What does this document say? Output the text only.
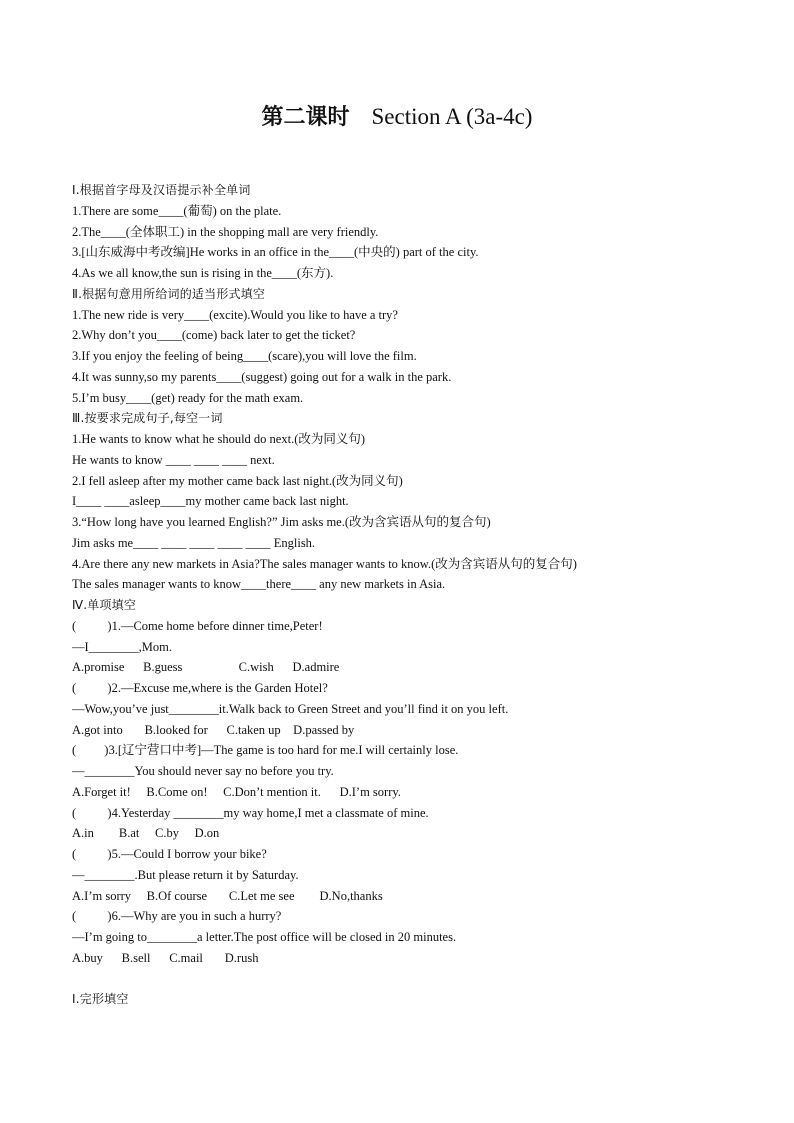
第二课时 Section A (3a-4c)
Ⅰ.根据首字母及汉语提示补全单词
1.There are some____(葡萄) on the plate.
2.The____(全体职工) in the shopping mall are very friendly.
3.[山东威海中考改编]He works in an office in the____(中央的) part of the city.
4.As we all know,the sun is rising in the____(东方).
Ⅱ.根据句意用所给词的适当形式填空
1.The new ride is very____(excite).Would you like to have a try?
2.Why don’t you____(come) back later to get the ticket?
3.If you enjoy the feeling of being____(scare),you will love the film.
4.It was sunny,so my parents____(suggest) going out for a walk in the park.
5.I’m busy____(get) ready for the math exam.
Ⅲ.按要求完成句子,每空一词
1.He wants to know what he should do next.(改为同义句)
He wants to know ____ ____ ____ next.
2.I fell asleep after my mother came back last night.(改为同义句)
I____ ____asleep____my mother came back last night.
3.“How long have you learned English?” Jim asks me.(改为含宾语从句的复合句)
Jim asks me____ ____ ____ ____ ____ English.
4.Are there any new markets in Asia?The sales manager wants to know.(改为含宾语从句的复合句)
The sales manager wants to know____there____ any new markets in Asia.
Ⅳ.单项填空
(          )1.—Come home before dinner time,Peter!
—I________,Mom.
A.promise      B.guess                  C.wish      D.admire
(          )2.—Excuse me,where is the Garden Hotel?
—Wow,you’ve just________it.Walk back to Green Street and you’ll find it on you left.
A.got into       B.looked for      C.taken up    D.passed by
(         )3.[辽宁营口中考]—The game is too hard for me.I will certainly lose.
—________You should never say no before you try.
A.Forget it!     B.Come on!     C.Don’t mention it.      D.I’m sorry.
(          )4.Yesterday ________my way home,I met a classmate of mine.
A.in        B.at     C.by     D.on
(          )5.—Could I borrow your bike?
—________.But please return it by Saturday.
A.I’m sorry     B.Of course       C.Let me see        D.No,thanks
(          )6.—Why are you in such a hurry?
—I’m going to________a letter.The post office will be closed in 20 minutes.
A.buy      B.sell      C.mail       D.rush
Ⅰ.完形填空
